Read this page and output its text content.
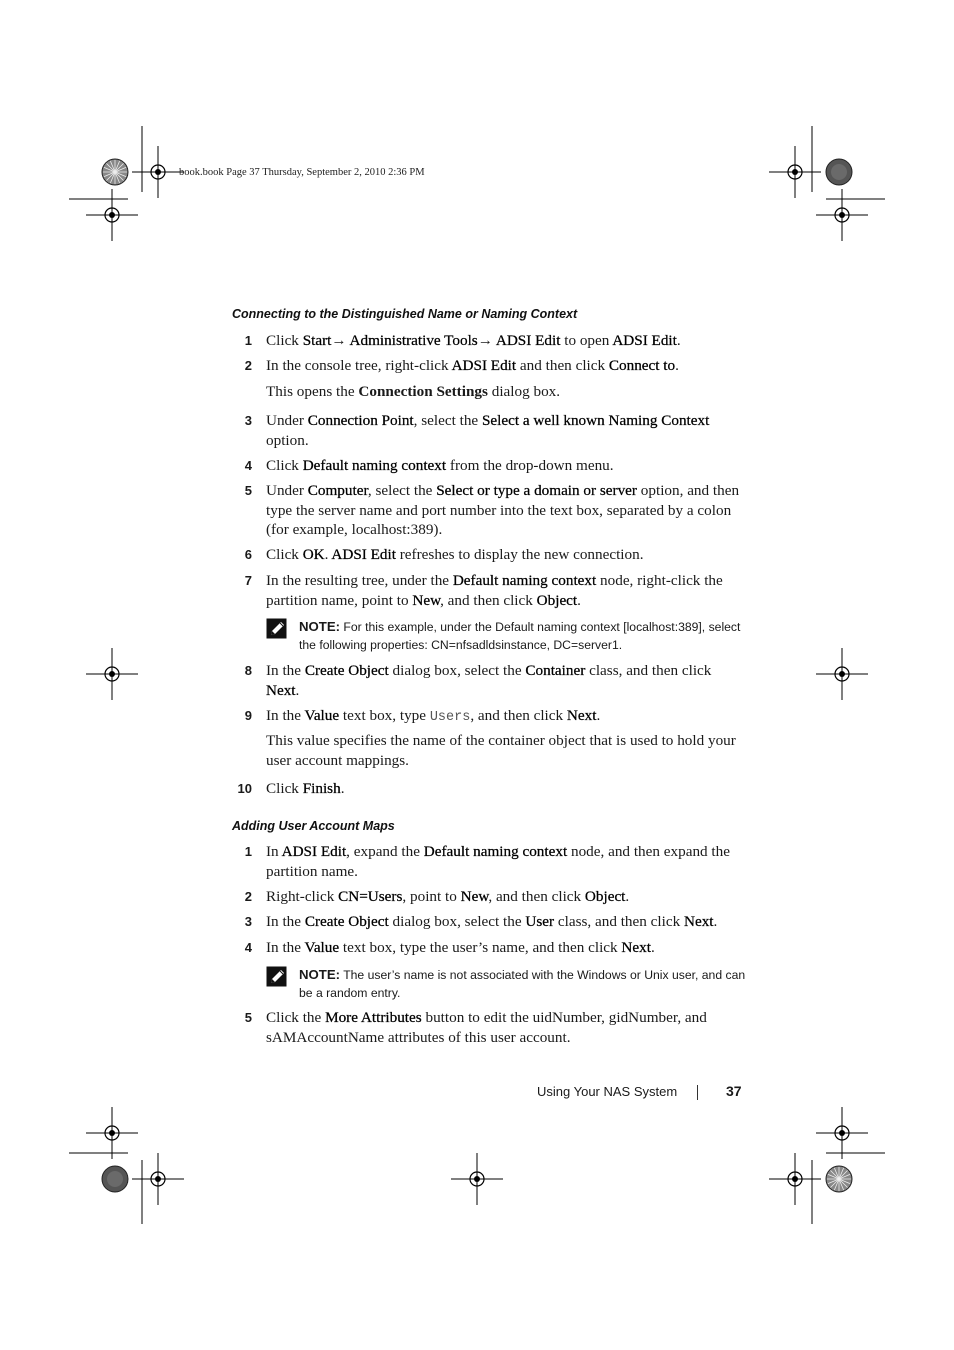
book.book Page 37 Thursday, September 2, 2010 2:36 PM
Connecting to the Distinguished Name or Naming Context
1 Click Start→ Administrative Tools→ ADSI Edit to open ADSI Edit.
2 In the console tree, right-click ADSI Edit and then click Connect to.
This opens the Connection Settings dialog box.
3 Under Connection Point, select the Select a well known Naming Context option.
4 Click Default naming context from the drop-down menu.
5 Under Computer, select the Select or type a domain or server option, and then type the server name and port number into the text box, separated by a colon (for example, localhost:389).
6 Click OK. ADSI Edit refreshes to display the new connection.
7 In the resulting tree, under the Default naming context node, right-click the partition name, point to New, and then click Object.
NOTE: For this example, under the Default naming context [localhost:389], select the following properties: CN=nfsadldsinstance, DC=server1.
8 In the Create Object dialog box, select the Container class, and then click Next.
9 In the Value text box, type Users, and then click Next.
This value specifies the name of the container object that is used to hold your user account mappings.
10 Click Finish.
Adding User Account Maps
1 In ADSI Edit, expand the Default naming context node, and then expand the partition name.
2 Right-click CN=Users, point to New, and then click Object.
3 In the Create Object dialog box, select the User class, and then click Next.
4 In the Value text box, type the user’s name, and then click Next.
NOTE: The user’s name is not associated with the Windows or Unix user, and can be a random entry.
5 Click the More Attributes button to edit the uidNumber, gidNumber, and sAMAccountName attributes of this user account.
Using Your NAS System	37
